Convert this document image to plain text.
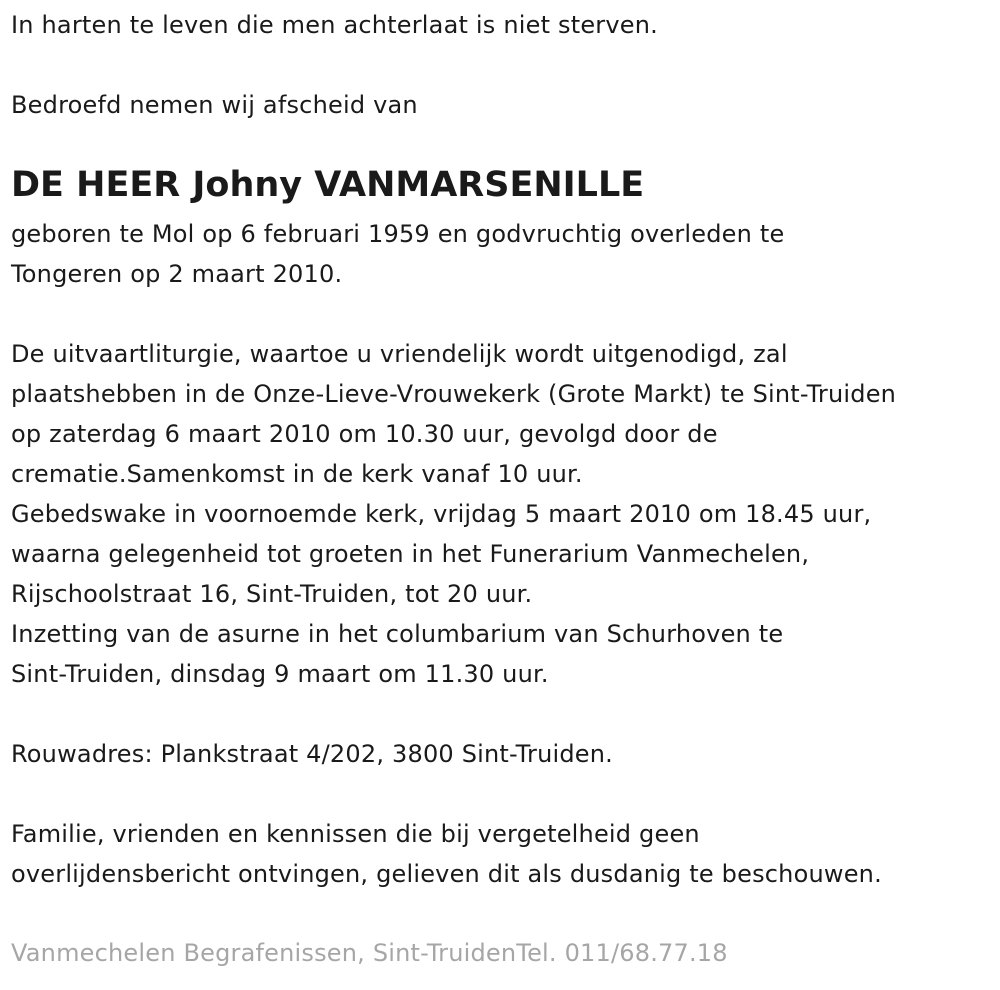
In harten te leven die men achterlaat is niet sterven.
Bedroefd nemen wij afscheid van
DE HEER Johny VANMARSENILLE
geboren te Mol op 6 februari 1959 en godvruchtig overleden te
Tongeren op 2 maart 2010.
De uitvaartliturgie, waartoe u vriendelijk wordt uitgenodigd, zal
plaatshebben in de Onze-Lieve-Vrouwekerk (Grote Markt) te Sint-Truiden
op zaterdag 6 maart 2010 om 10.30 uur, gevolgd door de
crematie.Samenkomst in de kerk vanaf 10 uur.
Gebedswake in voornoemde kerk, vrijdag 5 maart 2010 om 18.45 uur,
waarna gelegenheid tot groeten in het Funerarium Vanmechelen,
Rijschoolstraat 16, Sint-Truiden, tot 20 uur.
Inzetting van de asurne in het columbarium van Schurhoven te
Sint-Truiden, dinsdag 9 maart om 11.30 uur.
Rouwadres: Plankstraat 4/202, 3800 Sint-Truiden.
Familie, vrienden en kennissen die bij vergetelheid geen
overlijdensbericht ontvingen, gelieven dit als dusdanig te beschouwen.
Vanmechelen Begrafenissen, Sint-TruidenTel. 011/68.77.18
